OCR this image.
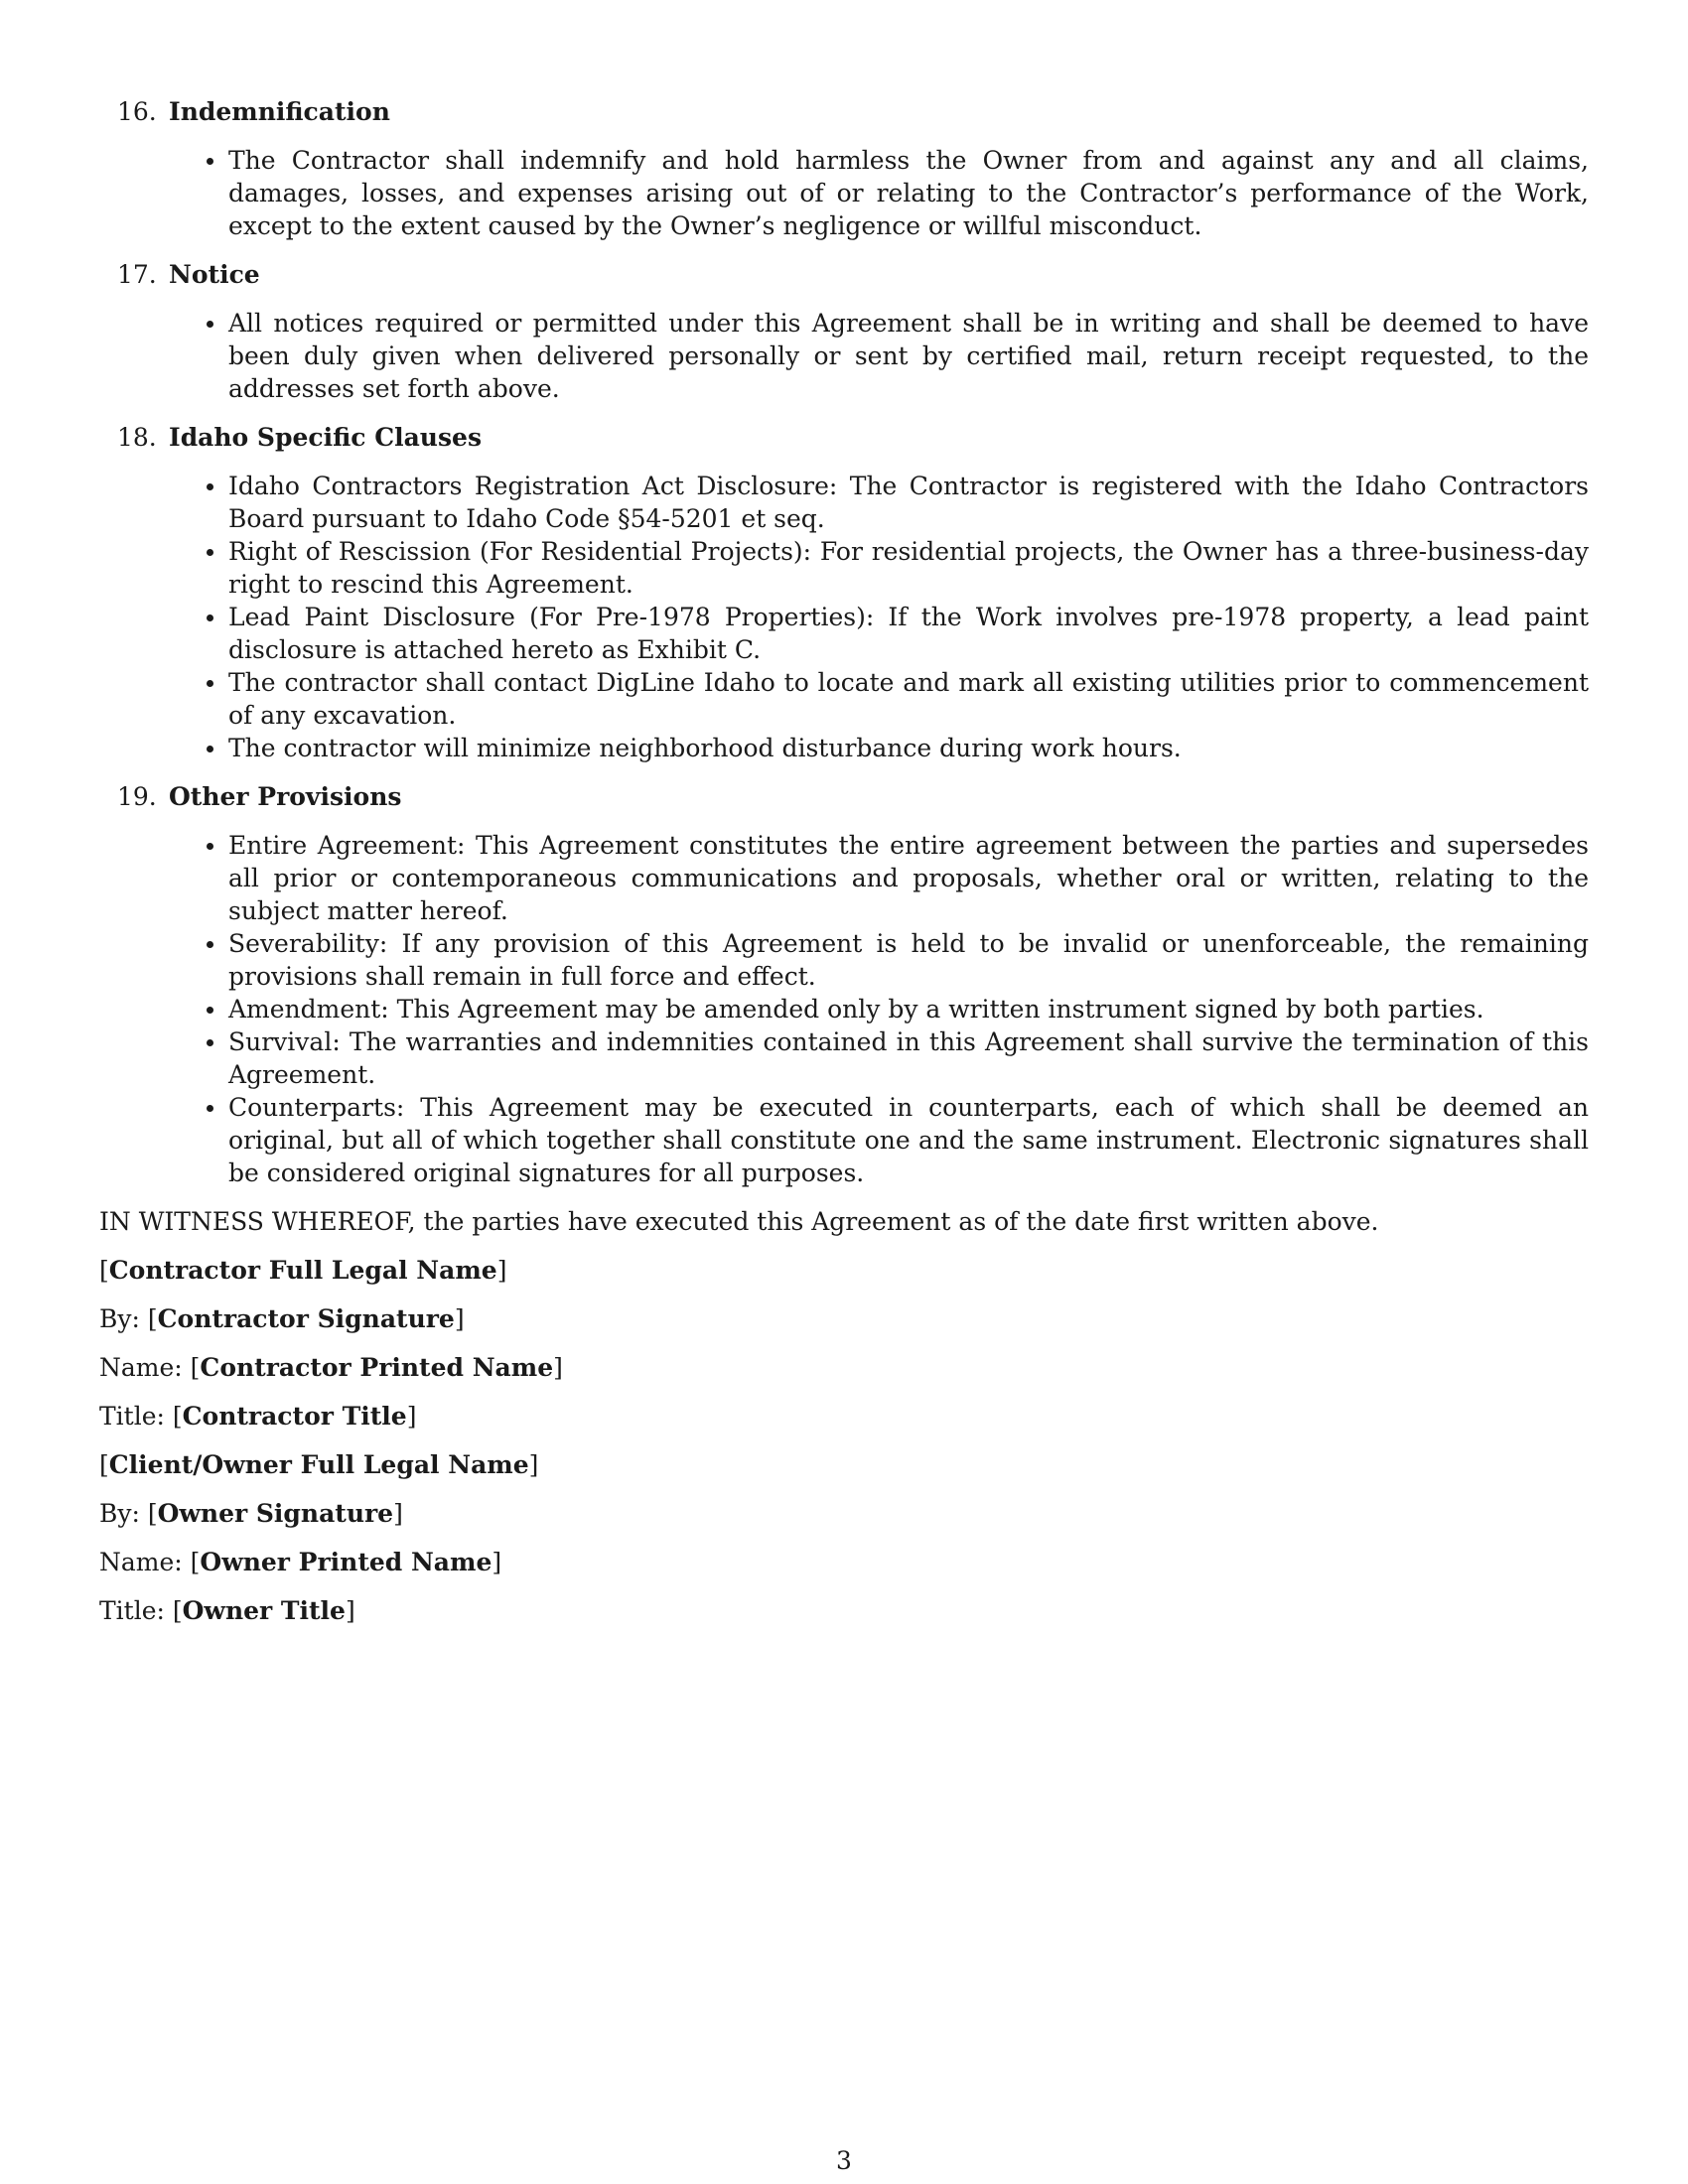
16. Indemnification
The Contractor shall indemnify and hold harmless the Owner from and against any and all claims, damages, losses, and expenses arising out of or relating to the Contractor’s performance of the Work, except to the extent caused by the Owner’s negligence or willful misconduct.
17. Notice
All notices required or permitted under this Agreement shall be in writing and shall be deemed to have been duly given when delivered personally or sent by certified mail, return receipt requested, to the addresses set forth above.
18. Idaho Specific Clauses
Idaho Contractors Registration Act Disclosure: The Contractor is registered with the Idaho Contractors Board pursuant to Idaho Code §54-5201 et seq.
Right of Rescission (For Residential Projects): For residential projects, the Owner has a three-business-day right to rescind this Agreement.
Lead Paint Disclosure (For Pre-1978 Properties): If the Work involves pre-1978 property, a lead paint disclosure is attached hereto as Exhibit C.
The contractor shall contact DigLine Idaho to locate and mark all existing utilities prior to commencement of any excavation.
The contractor will minimize neighborhood disturbance during work hours.
19. Other Provisions
Entire Agreement: This Agreement constitutes the entire agreement between the parties and supersedes all prior or contemporaneous communications and proposals, whether oral or written, relating to the subject matter hereof.
Severability: If any provision of this Agreement is held to be invalid or unenforceable, the remaining provisions shall remain in full force and effect.
Amendment: This Agreement may be amended only by a written instrument signed by both parties.
Survival: The warranties and indemnities contained in this Agreement shall survive the termination of this Agreement.
Counterparts: This Agreement may be executed in counterparts, each of which shall be deemed an original, but all of which together shall constitute one and the same instrument. Electronic signatures shall be considered original signatures for all purposes.
IN WITNESS WHEREOF, the parties have executed this Agreement as of the date first written above.
[Contractor Full Legal Name]
By: [Contractor Signature]
Name: [Contractor Printed Name]
Title: [Contractor Title]
[Client/Owner Full Legal Name]
By: [Owner Signature]
Name: [Owner Printed Name]
Title: [Owner Title]
3
